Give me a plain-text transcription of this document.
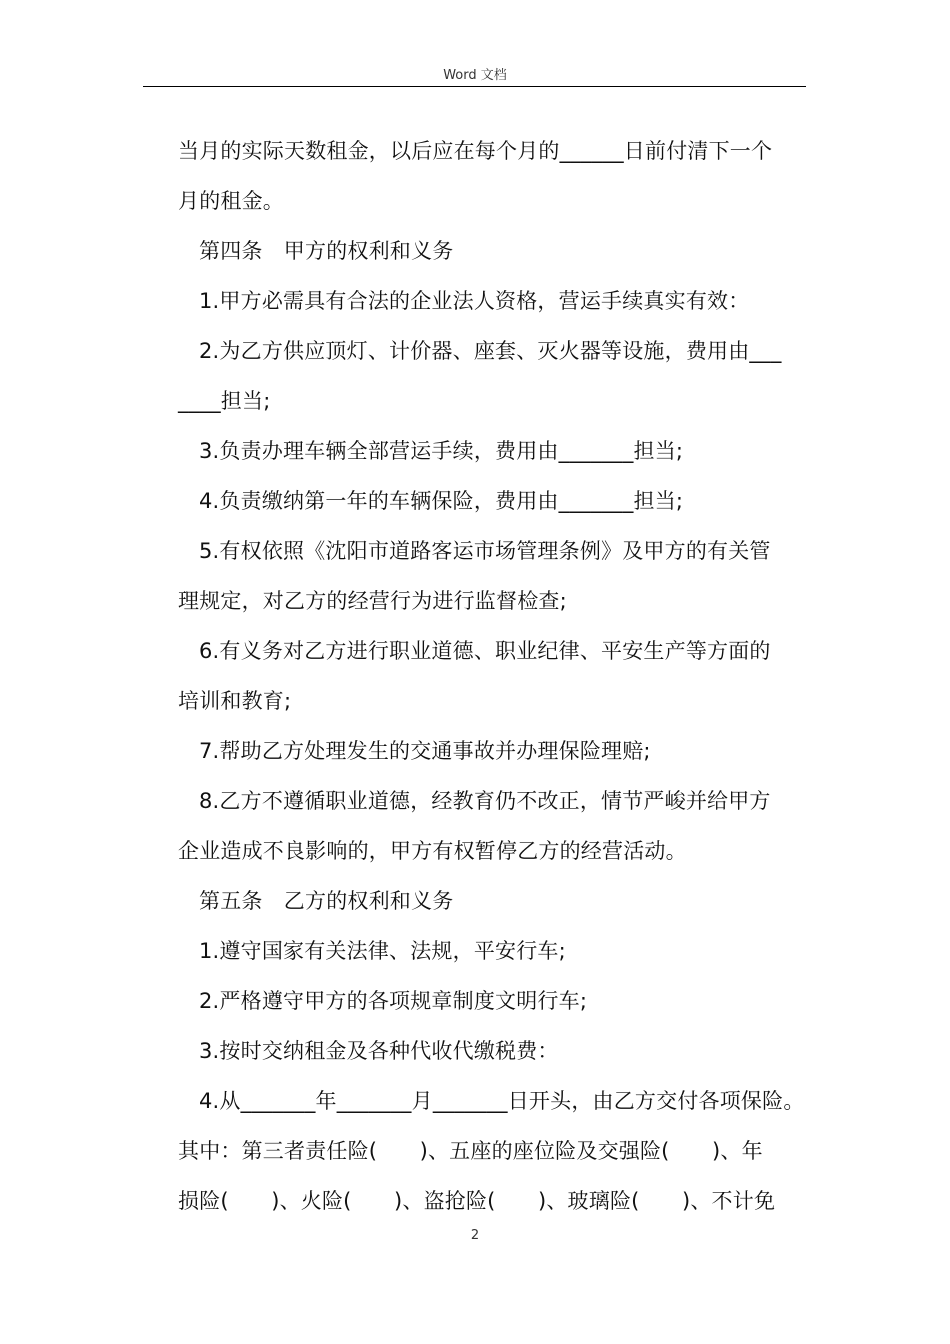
Word 文档
当月的实际天数租金，以后应在每个月的______日前付清下一个
月的租金。
第四条　甲方的权利和义务
1.甲方必需具有合法的企业法人资格，营运手续真实有效：
2.为乙方供应顶灯、计价器、座套、灭火器等设施，费用由___
____担当;
3.负责办理车辆全部营运手续，费用由_______担当;
4.负责缴纳第一年的车辆保险，费用由_______担当;
5.有权依照《沈阳市道路客运市场管理条例》及甲方的有关管
理规定，对乙方的经营行为进行监督检查;
6.有义务对乙方进行职业道德、职业纪律、平安生产等方面的
培训和教育;
7.帮助乙方处理发生的交通事故并办理保险理赔;
8.乙方不遵循职业道德，经教育仍不改正，情节严峻并给甲方
企业造成不良影响的，甲方有权暂停乙方的经营活动。
第五条　乙方的权利和义务
1.遵守国家有关法律、法规，平安行车;
2.严格遵守甲方的各项规章制度文明行车;
3.按时交纳租金及各种代收代缴税费：
4.从_______年_______月_______日开头，由乙方交付各项保险。
其中：第三者责任险(　　)、五座的座位险及交强险(　　)、年
损险(　　)、火险(　　)、盗抢险(　　)、玻璃险(　　)、不计免
2
